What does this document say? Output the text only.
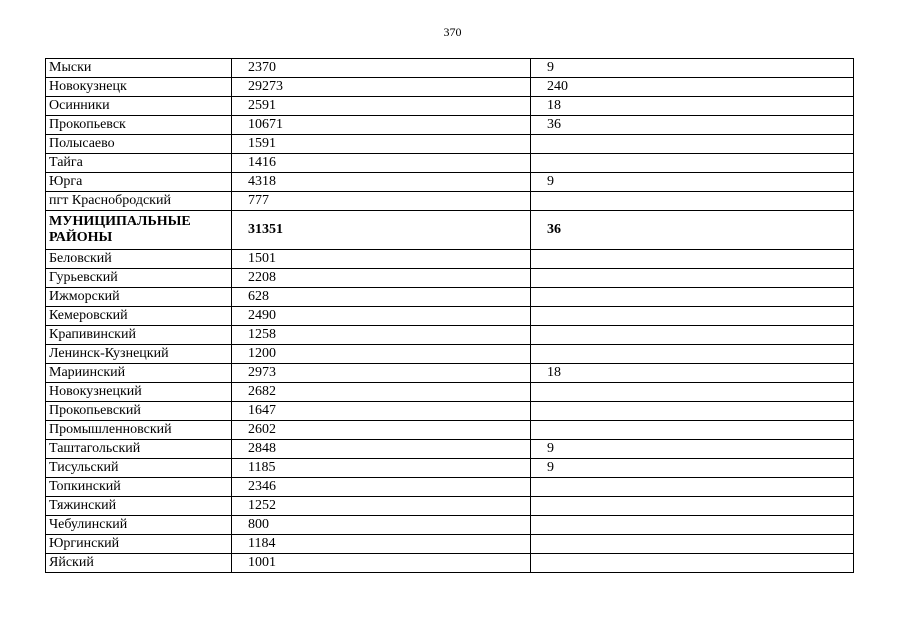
370
Мыски	2370	9
Новокузнецк	29273	240
Осинники	2591	18
Прокопьевск	10671	36
Полысаево	1591	
Тайга	1416	
Юрга	4318	9
пгт Краснобродский	777	
МУНИЦИПАЛЬНЫЕ РАЙОНЫ	31351	36
Беловский	1501	
Гурьевский	2208	
Ижморский	628	
Кемеровский	2490	
Крапивинский	1258	
Ленинск-Кузнецкий	1200	
Мариинский	2973	18
Новокузнецкий	2682	
Прокопьевский	1647	
Промышленновский	2602	
Таштагольский	2848	9
Тисульский	1185	9
Топкинский	2346	
Тяжинский	1252	
Чебулинский	800	
Юргинский	1184	
Яйский	1001	
